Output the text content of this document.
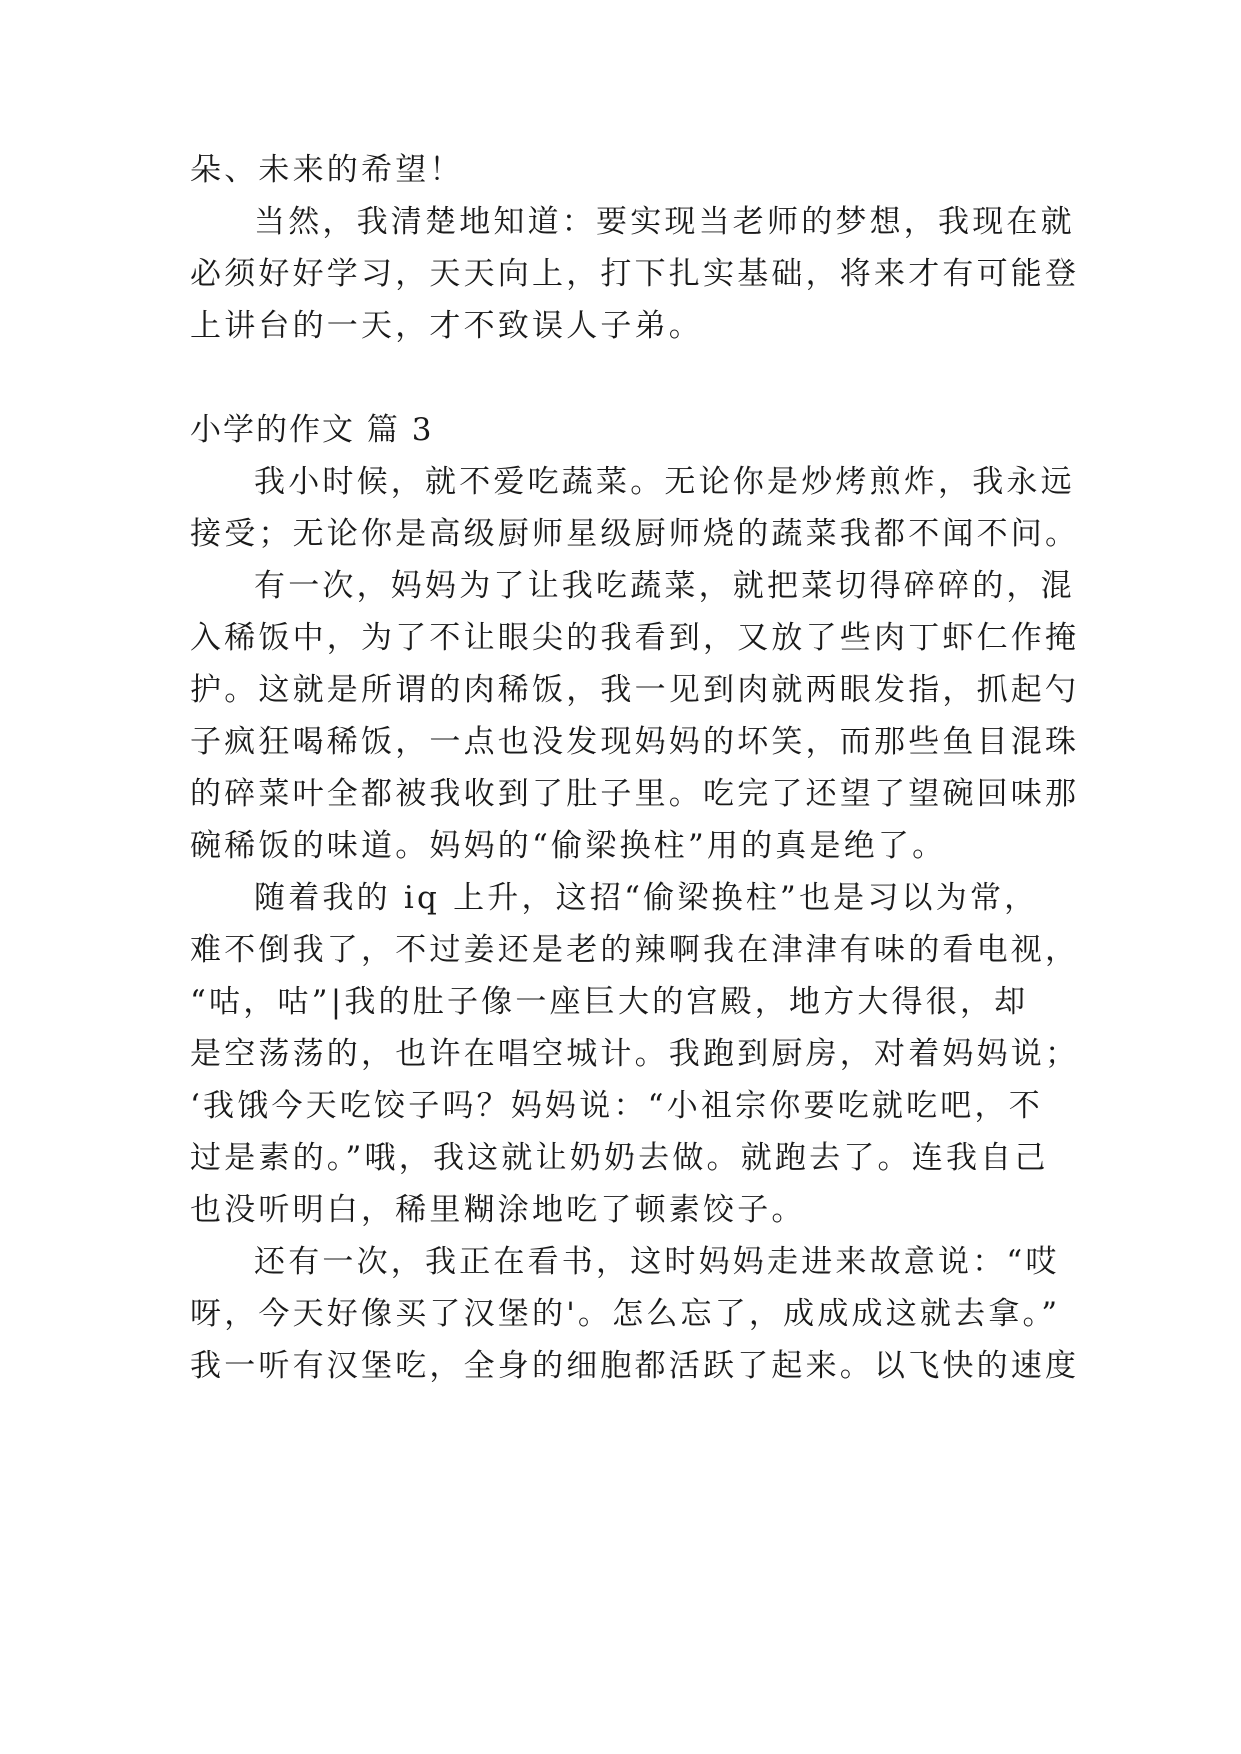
朵、未来的希望！
当然，我清楚地知道：要实现当老师的梦想，我现在就
必须好好学习，天天向上，打下扎实基础，将来才有可能登
上讲台的一天，才不致误人子弟。
小学的作文 篇 3
我小时候，就不爱吃蔬菜。无论你是炒烤煎炸，我永远
接受；无论你是高级厨师星级厨师烧的蔬菜我都不闻不问。
有一次，妈妈为了让我吃蔬菜，就把菜切得碎碎的，混
入稀饭中，为了不让眼尖的我看到，又放了些肉丁虾仁作掩
护。这就是所谓的肉稀饭，我一见到肉就两眼发指，抓起勺
子疯狂喝稀饭，一点也没发现妈妈的坏笑，而那些鱼目混珠
的碎菜叶全都被我收到了肚子里。吃完了还望了望碗回味那
碗稀饭的味道。妈妈的“偷梁换柱”用的真是绝了。
随着我的 iq 上升，这招“偷梁换柱”也是习以为常，
难不倒我了，不过姜还是老的辣啊我在津津有味的看电视，
“咕，咕”|我的肚子像一座巨大的宫殿，地方大得很，却
是空荡荡的，也许在唱空城计。我跑到厨房，对着妈妈说；
‘我饿今天吃饺子吗？妈妈说：“小祖宗你要吃就吃吧，不
过是素的。”哦，我这就让奶奶去做。就跑去了。连我自己
也没听明白，稀里糊涂地吃了顿素饺子。
还有一次，我正在看书，这时妈妈走进来故意说：“哎
呀，今天好像买了汉堡的'。怎么忘了，成成成这就去拿。”
我一听有汉堡吃，全身的细胞都活跃了起来。以飞快的速度
